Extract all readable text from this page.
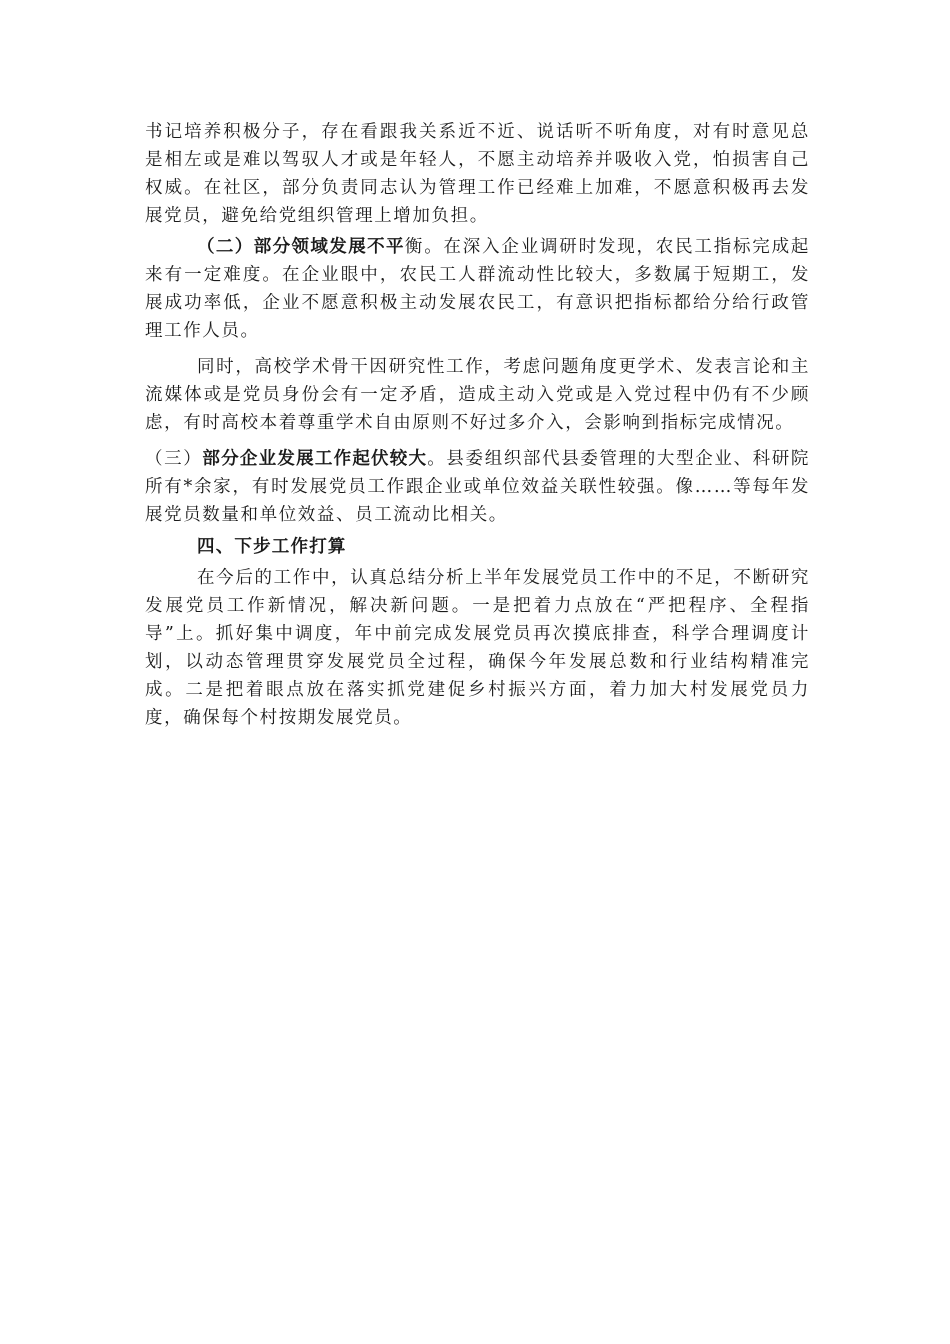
书记培养积极分子，存在看跟我关系近不近、说话听不听角度，对有时意见总是相左或是难以驾驭人才或是年轻人，不愿主动培养并吸收入党，怕损害自己权威。在社区，部分负责同志认为管理工作已经难上加难，不愿意积极再去发展党员，避免给党组织管理上增加负担。

（二）部分领域发展不平衡。在深入企业调研时发现，农民工指标完成起来有一定难度。在企业眼中，农民工人群流动性比较大，多数属于短期工，发展成功率低，企业不愿意积极主动发展农民工，有意识把指标都给分给行政管理工作人员。

同时，高校学术骨干因研究性工作，考虑问题角度更学术、发表言论和主流媒体或是党员身份会有一定矛盾，造成主动入党或是入党过程中仍有不少顾虑，有时高校本着尊重学术自由原则不好过多介入，会影响到指标完成情况。

（三）部分企业发展工作起伏较大。县委组织部代县委管理的大型企业、科研院所有*余家，有时发展党员工作跟企业或单位效益关联性较强。像……等每年发展党员数量和单位效益、员工流动比相关。

四、下步工作打算

在今后的工作中，认真总结分析上半年发展党员工作中的不足，不断研究发展党员工作新情况，解决新问题。一是把着力点放在“严把程序、全程指导”上。抓好集中调度，年中前完成发展党员再次摸底排查，科学合理调度计划，以动态管理贯穿发展党员全过程，确保今年发展总数和行业结构精准完成。二是把着眼点放在落实抓党建促乡村振兴方面，着力加大村发展党员力度，确保每个村按期发展党员。
